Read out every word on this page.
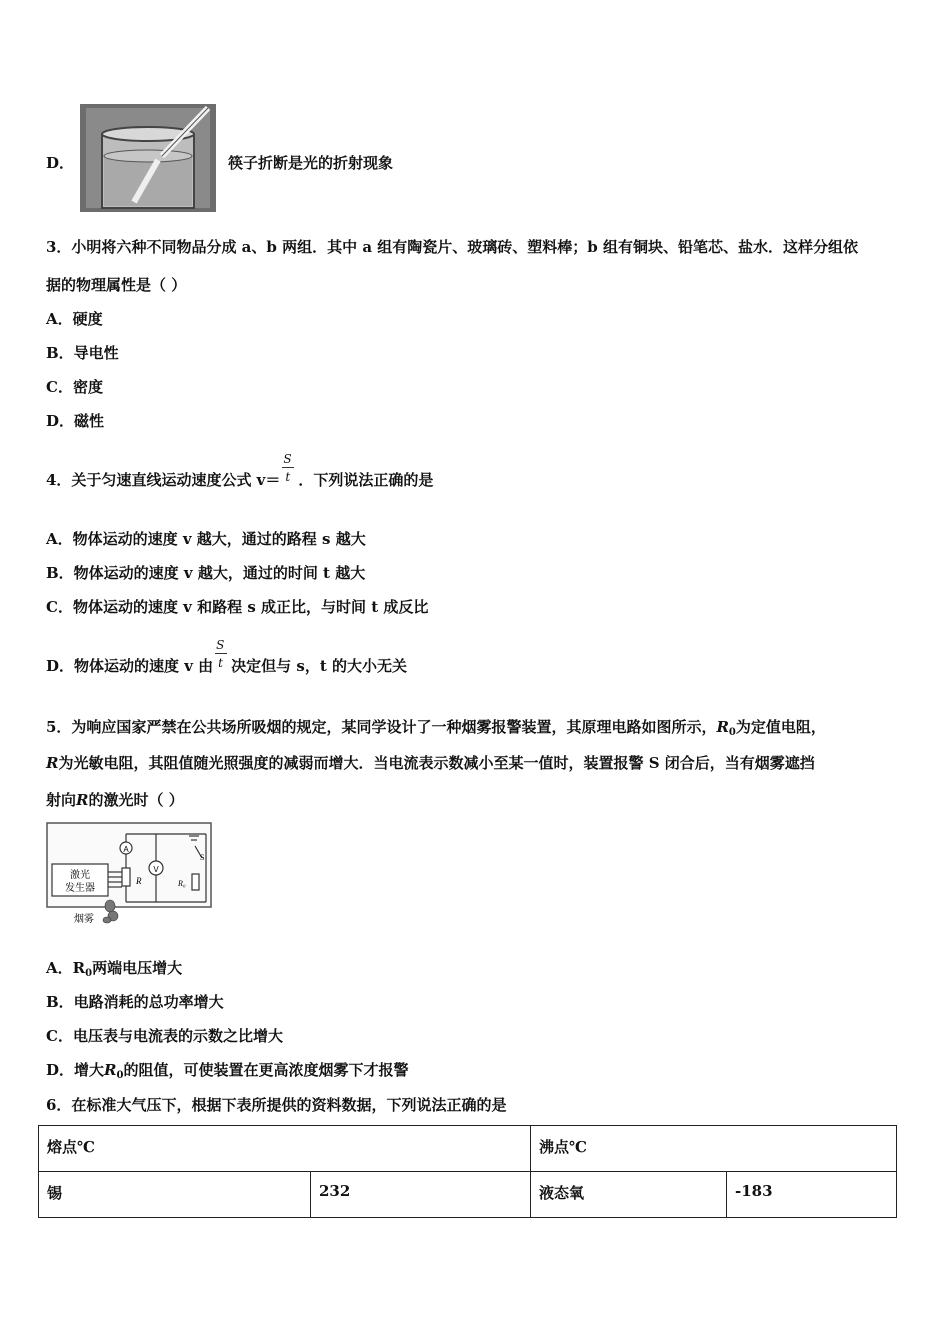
D．	筷子折断是光的折射现象
3．小明将六种不同物品分成 a、b 两组．其中 a 组有陶瓷片、玻璃砖、塑料棒；b 组有铜块、铅笔芯、盐水．这样分组依
据的物理属性是（ ）
A．硬度
B．导电性
C．密度
D．磁性
4．关于匀速直线运动速度公式 $v= \frac{S}{t}$ ．下列说法正确的是
A．物体运动的速度 v 越大，通过的路程 s 越大
B．物体运动的速度 v 越大，通过的时间 t 越大
C．物体运动的速度 v 和路程 s 成正比，与时间 t 成反比
D．物体运动的速度 v 由 $\frac{S}{t}$ 决定但与 s，t 的大小无关
5．为响应国家严禁在公共场所吸烟的规定，某同学设计了一种烟雾报警装置，其原理电路如图所示，$R_0$为定值电阻，
R为光敏电阻，其阻值随光照强度的减弱而增大．当电流表示数减小至某一值时，装置报警 S 闭合后，当有烟雾遮挡
射向R的激光时（ ）
A
V
R	R₀
S
激光
发生器
烟雾
A．$R_0$两端电压增大
B．电路消耗的总功率增大
C．电压表与电流表的示数之比增大
D．增大$R_0$的阻值，可使装置在更高浓度烟雾下才报警
6．在标准大气压下，根据下表所提供的资料数据，下列说法正确的是
熔点℃		沸点℃	
锡	232	液态氧	-183
